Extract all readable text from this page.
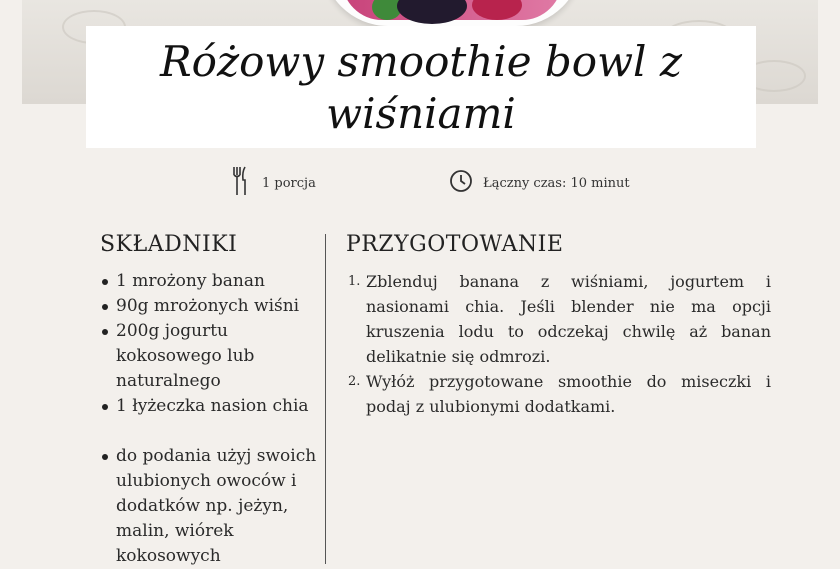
Różowy smoothie bowl z wiśniami
1 porcja	Łączny czas: 10 minut
SKŁADNIKI
1 mrożony banan
90g mrożonych wiśni
200g jogurtu kokosowego lub naturalnego
1 łyżeczka nasion chia
do podania użyj swoich ulubionych owoców i dodatków np. jeżyn, malin, wiórek kokosowych
PRZYGOTOWANIE
Zblenduj banana z wiśniami, jogurtem i nasionami chia. Jeśli blender nie ma opcji kruszenia lodu to odczekaj chwilę aż banan delikatnie się odmrozi.
Wyłóż przygotowane smoothie do miseczki i podaj z ulubionymi dodatkami.
